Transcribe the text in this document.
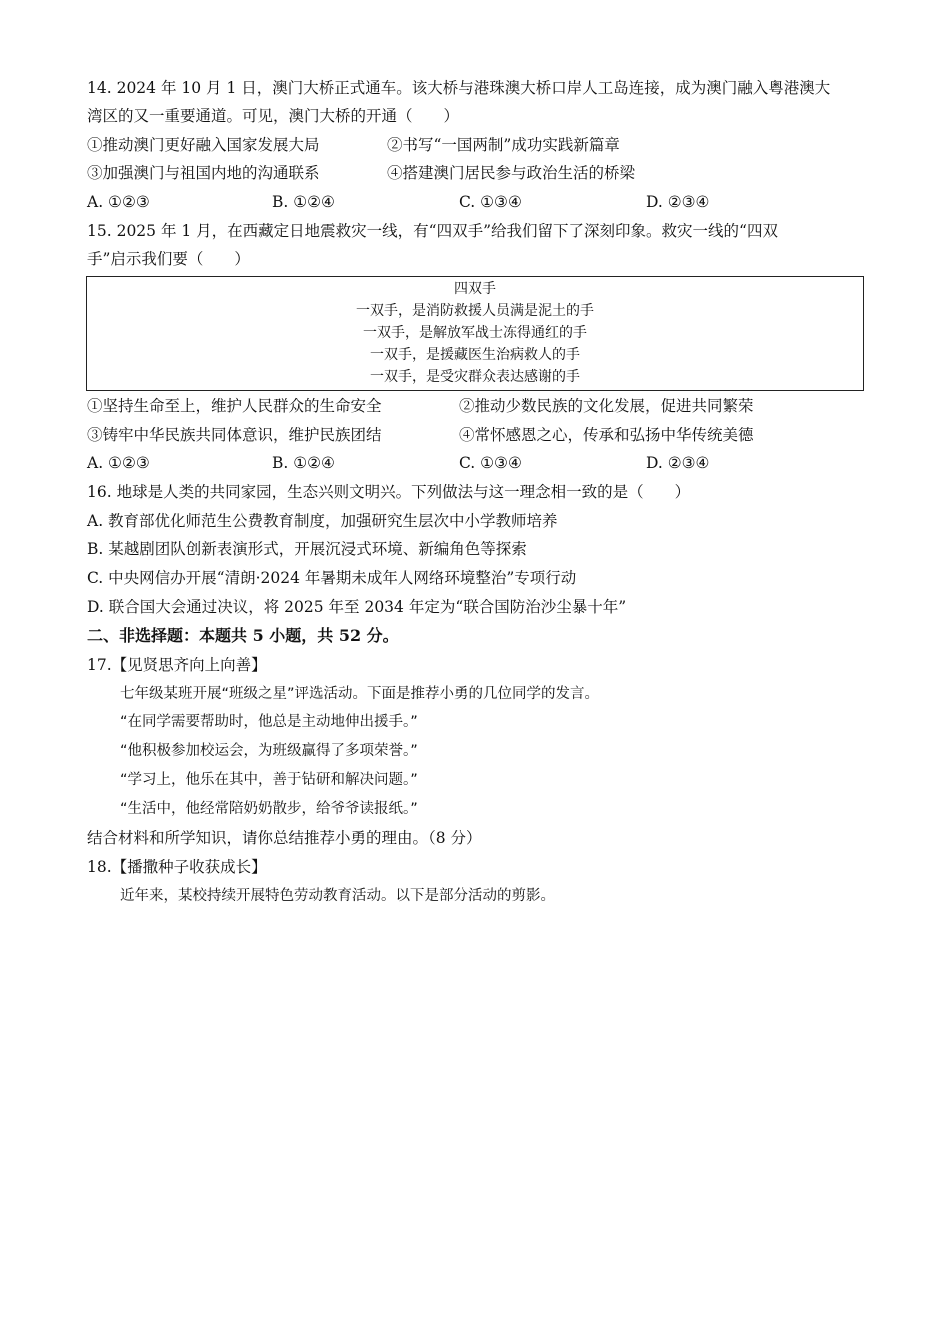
14. 2024 年 10 月 1 日，澳门大桥正式通车。该大桥与港珠澳大桥口岸人工岛连接，成为澳门融入粤港澳大
湾区的又一重要通道。可见，澳门大桥的开通（　　）
①推动澳门更好融入国家发展大局	②书写“一国两制”成功实践新篇章
③加强澳门与祖国内地的沟通联系	④搭建澳门居民参与政治生活的桥梁
A. ①②③	B. ①②④	C. ①③④	D. ②③④
15. 2025 年 1 月，在西藏定日地震救灾一线，有“四双手”给我们留下了深刻印象。救灾一线的“四双
手”启示我们要（　　）
四双手
一双手，是消防救援人员满是泥土的手
一双手，是解放军战士冻得通红的手
一双手，是援藏医生治病救人的手
一双手，是受灾群众表达感谢的手
①坚持生命至上，维护人民群众的生命安全	②推动少数民族的文化发展，促进共同繁荣
③铸牢中华民族共同体意识，维护民族团结	④常怀感恩之心，传承和弘扬中华传统美德
A. ①②③	B. ①②④	C. ①③④	D. ②③④
16. 地球是人类的共同家园，生态兴则文明兴。下列做法与这一理念相一致的是（　　）
A. 教育部优化师范生公费教育制度，加强研究生层次中小学教师培养
B. 某越剧团队创新表演形式，开展沉浸式环境、新编角色等探索
C. 中央网信办开展“清朗·2024 年暑期未成年人网络环境整治”专项行动
D. 联合国大会通过决议，将 2025 年至 2034 年定为“联合国防治沙尘暴十年”
二、非选择题：本题共 5 小题，共 52 分。
17.【见贤思齐向上向善】
七年级某班开展“班级之星”评选活动。下面是推荐小勇的几位同学的发言。
“在同学需要帮助时，他总是主动地伸出援手。”
“他积极参加校运会，为班级赢得了多项荣誉。”
“学习上，他乐在其中，善于钻研和解决问题。”
“生活中，他经常陪奶奶散步，给爷爷读报纸。”
结合材料和所学知识，请你总结推荐小勇的理由。（8 分）
18.【播撒种子收获成长】
近年来，某校持续开展特色劳动教育活动。以下是部分活动的剪影。
